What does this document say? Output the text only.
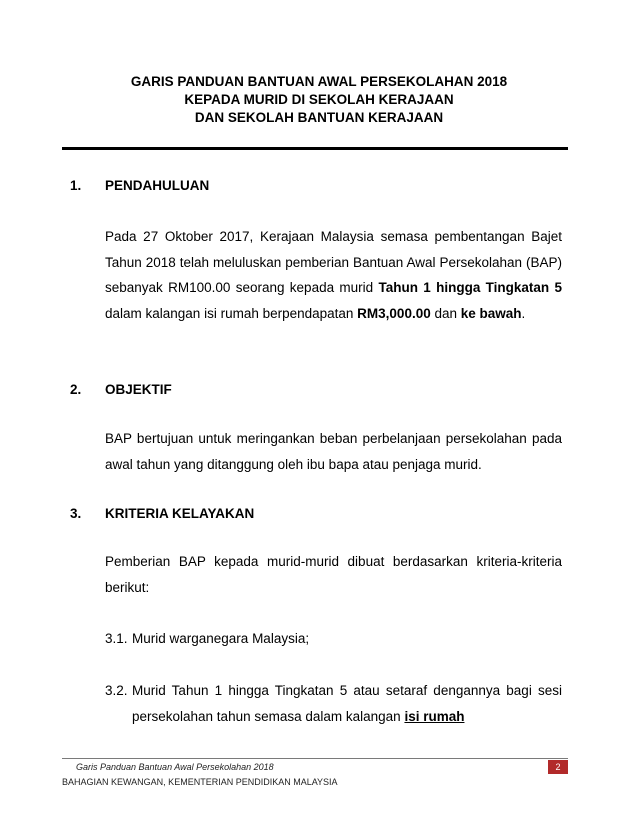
GARIS PANDUAN BANTUAN AWAL PERSEKOLAHAN 2018
KEPADA MURID DI SEKOLAH KERAJAAN
DAN SEKOLAH BANTUAN KERAJAAN
1. PENDAHULUAN
Pada 27 Oktober 2017, Kerajaan Malaysia semasa pembentangan Bajet Tahun 2018 telah meluluskan pemberian Bantuan Awal Persekolahan (BAP) sebanyak RM100.00 seorang kepada murid Tahun 1 hingga Tingkatan 5 dalam kalangan isi rumah berpendapatan RM3,000.00 dan ke bawah.
2. OBJEKTIF
BAP bertujuan untuk meringankan beban perbelanjaan persekolahan pada awal tahun yang ditanggung oleh ibu bapa atau penjaga murid.
3. KRITERIA KELAYAKAN
Pemberian BAP kepada murid-murid dibuat berdasarkan kriteria-kriteria berikut:
3.1. Murid warganegara Malaysia;
3.2. Murid Tahun 1 hingga Tingkatan 5 atau setaraf dengannya bagi sesi persekolahan tahun semasa dalam kalangan isi rumah
Garis Panduan Bantuan Awal Persekolahan 2018	2
BAHAGIAN KEWANGAN, KEMENTERIAN PENDIDIKAN MALAYSIA
